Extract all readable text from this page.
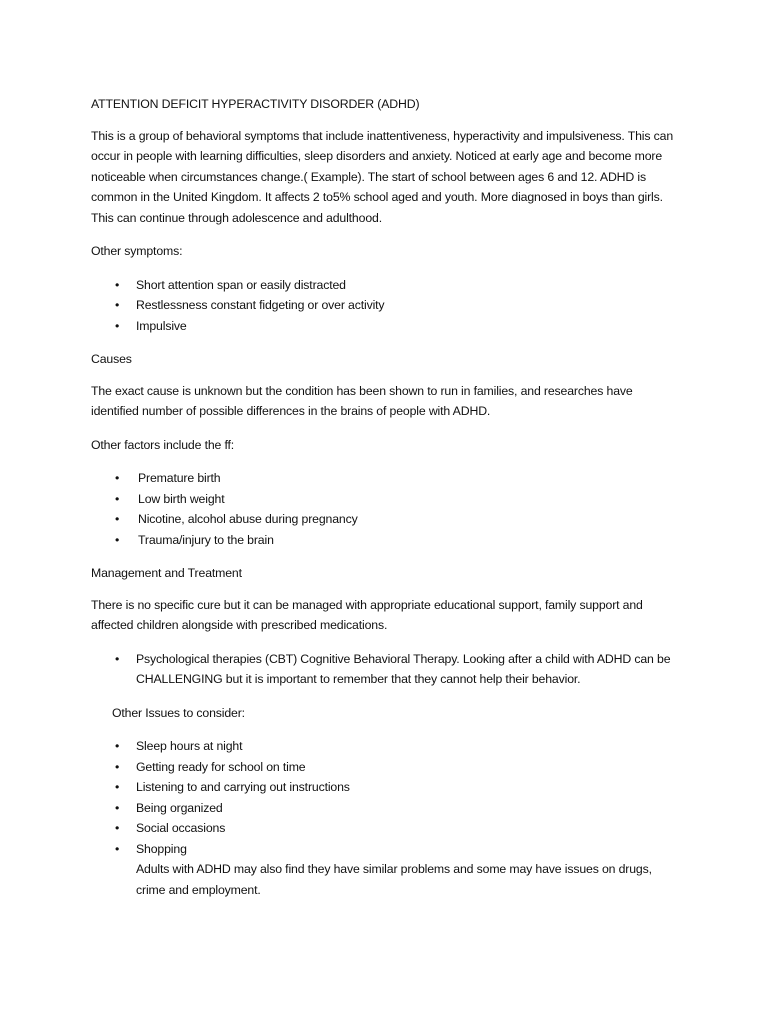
ATTENTION DEFICIT HYPERACTIVITY DISORDER (ADHD)

This is a group of behavioral symptoms that include inattentiveness, hyperactivity and impulsiveness. This can occur in people with learning difficulties, sleep disorders and anxiety. Noticed at early age and become more noticeable when circumstances change.( Example). The start of school between ages 6 and 12. ADHD is common in the United Kingdom. It affects 2 to5% school aged and youth. More diagnosed in boys than girls. This can continue through adolescence and adulthood.

Other symptoms:

• Short attention span or easily distracted
• Restlessness constant fidgeting or over activity
• Impulsive

Causes

The exact cause is unknown but the condition has been shown to run in families, and researches have identified number of possible differences in the brains of people with ADHD.

Other factors include the ff:

• Premature birth
• Low birth weight
• Nicotine, alcohol abuse during pregnancy
• Trauma/injury to the brain

Management and Treatment

There is no specific cure but it can be managed with appropriate educational support, family support and affected children alongside with prescribed medications.

• Psychological therapies (CBT) Cognitive Behavioral Therapy. Looking after a child with ADHD can be CHALLENGING but it is important to remember that they cannot help their behavior.

Other Issues to consider:

• Sleep hours at night
• Getting ready for school on time
• Listening to and carrying out instructions
• Being organized
• Social occasions
• Shopping

Adults with ADHD may also find they have similar problems and some may have issues on drugs, crime and employment.
